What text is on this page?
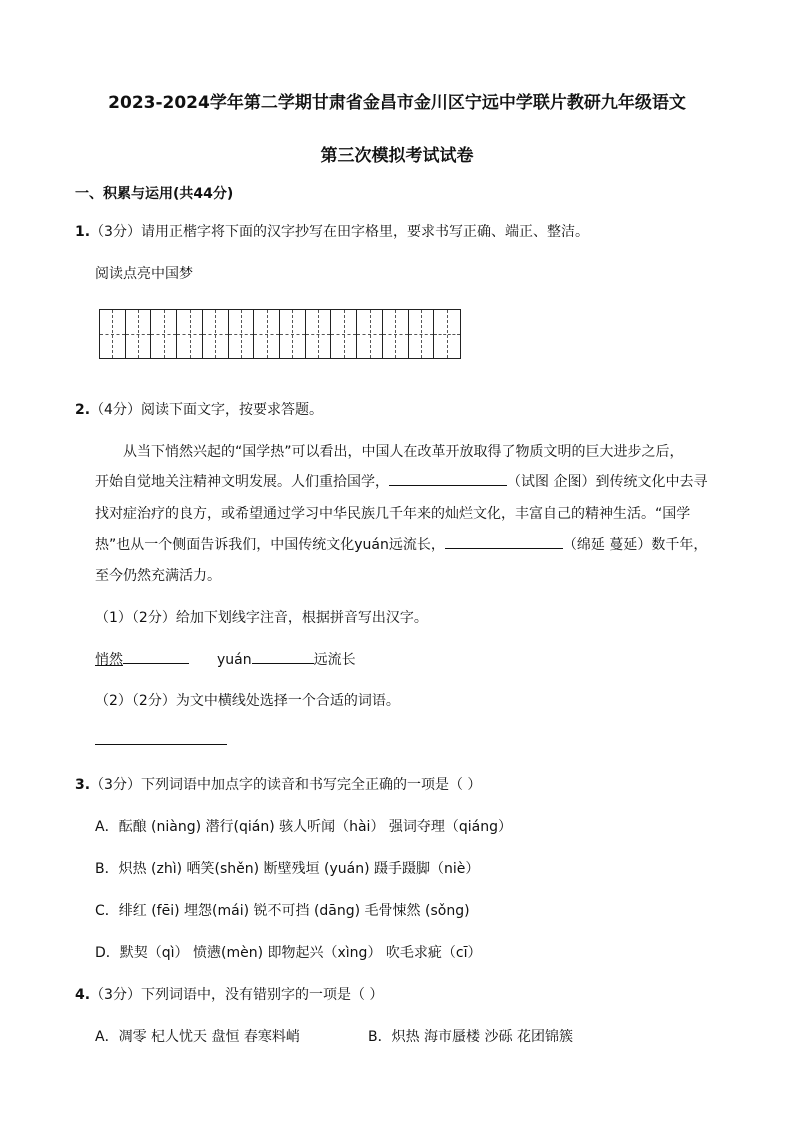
2023-2024学年第二学期甘肃省金昌市金川区宁远中学联片教研九年级语文
第三次模拟考试试卷
一、积累与运用(共44分)
1.（3分）请用正楷字将下面的汉字抄写在田字格里，要求书写正确、端正、整洁。
阅读点亮中国梦
2.（4分）阅读下面文字，按要求答题。
从当下悄然兴起的“国学热”可以看出，中国人在改革开放取得了物质文明的巨大进步之后，
开始自觉地关注精神文明发展。人们重拾国学，	（试图 企图）到传统文化中去寻
找对症治疗的良方，或希望通过学习中华民族几千年来的灿烂文化，丰富自己的精神生活。“国学
热”也从一个侧面告诉我们，中国传统文化yuán远流长，	（绵延 蔓延）数千年，
至今仍然充满活力。
（1）（2分）给加下划线字注音，根据拼音写出汉字。
悄然	yuán	远流长
（2）（2分）为文中横线处选择一个合适的词语。
3.（3分）下列词语中加点字的读音和书写完全正确的一项是（ ）
A．酝酿 (niàng) 潜行(qián) 骇人听闻（hài） 强词夺理（qiáng）
B．炽热 (zhì) 哂笑(shěn) 断壁残垣 (yuán) 蹑手蹑脚（niè）
C．绯红 (fēi) 埋怨(mái) 锐不可挡 (dāng) 毛骨悚然 (sǒng)
D．默契（qì） 愤懑(mèn) 即物起兴（xìng） 吹毛求疵（cī）
4.（3分）下列词语中，没有错别字的一项是（ ）
A．凋零 杞人忧天 盘恒 春寒料峭	B．炽热 海市蜃楼 沙砾 花团锦簇
